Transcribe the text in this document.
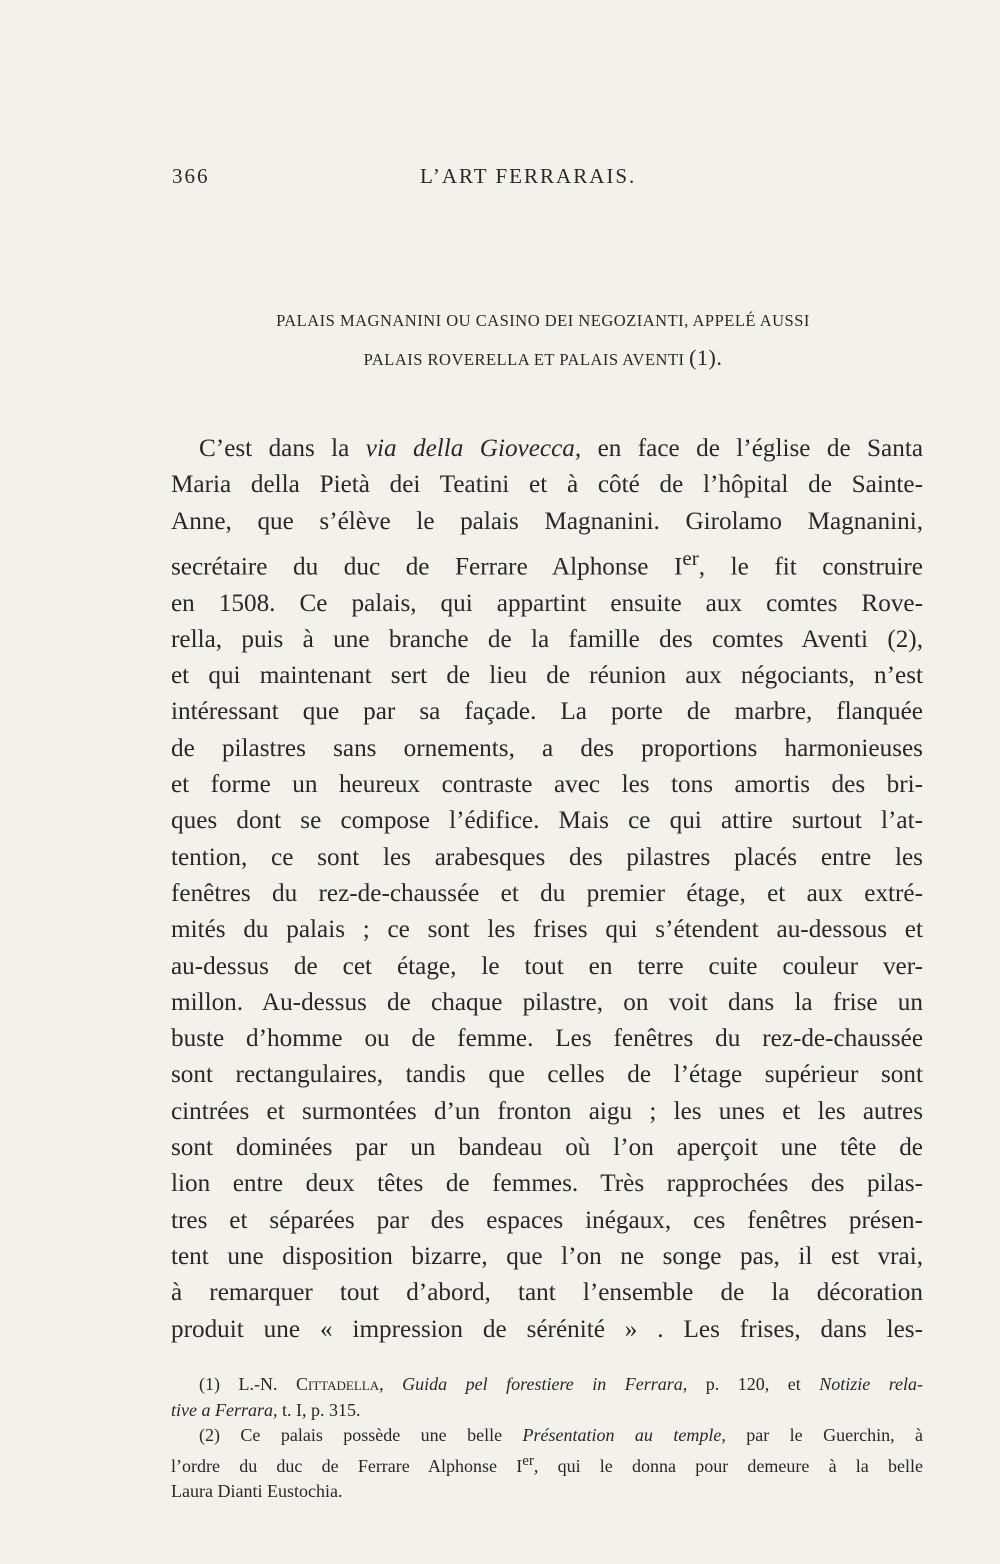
366	L’ART FERRARAIS.
PALAIS MAGNANINI OU CASINO DEI NEGOZIANTI, APPELÉ AUSSI
PALAIS ROVERELLA ET PALAIS AVENTI (1).
C’est dans la via della Giovecca, en face de l’église de Santa
Maria della Pietà dei Teatini et à côté de l’hôpital de Sainte-
Anne, que s’élève le palais Magnanini. Girolamo Magnanini,
secrétaire du duc de Ferrare Alphonse Ier, le fit construire
en 1508. Ce palais, qui appartint ensuite aux comtes Rove-
rella, puis à une branche de la famille des comtes Aventi (2),
et qui maintenant sert de lieu de réunion aux négociants, n’est
intéressant que par sa façade. La porte de marbre, flanquée
de pilastres sans ornements, a des proportions harmonieuses
et forme un heureux contraste avec les tons amortis des bri-
ques dont se compose l’édifice. Mais ce qui attire surtout l’at-
tention, ce sont les arabesques des pilastres placés entre les
fenêtres du rez-de-chaussée et du premier étage, et aux extré-
mités du palais ; ce sont les frises qui s’étendent au-dessous et
au-dessus de cet étage, le tout en terre cuite couleur ver-
millon. Au-dessus de chaque pilastre, on voit dans la frise un
buste d’homme ou de femme. Les fenêtres du rez-de-chaussée
sont rectangulaires, tandis que celles de l’étage supérieur sont
cintrées et surmontées d’un fronton aigu ; les unes et les autres
sont dominées par un bandeau où l’on aperçoit une tête de
lion entre deux têtes de femmes. Très rapprochées des pilas-
tres et séparées par des espaces inégaux, ces fenêtres présen-
tent une disposition bizarre, que l’on ne songe pas, il est vrai,
à remarquer tout d’abord, tant l’ensemble de la décoration
produit une « impression de sérénité » . Les frises, dans les-
(1) L.-N. Cittadella, Guida pel forestiere in Ferrara, p. 120, et Notizie rela-
tive a Ferrara, t. I, p. 315.
(2) Ce palais possède une belle Présentation au temple, par le Guerchin, à
l’ordre du duc de Ferrare Alphonse Ier, qui le donna pour demeure à la belle
Laura Dianti Eustochia.
